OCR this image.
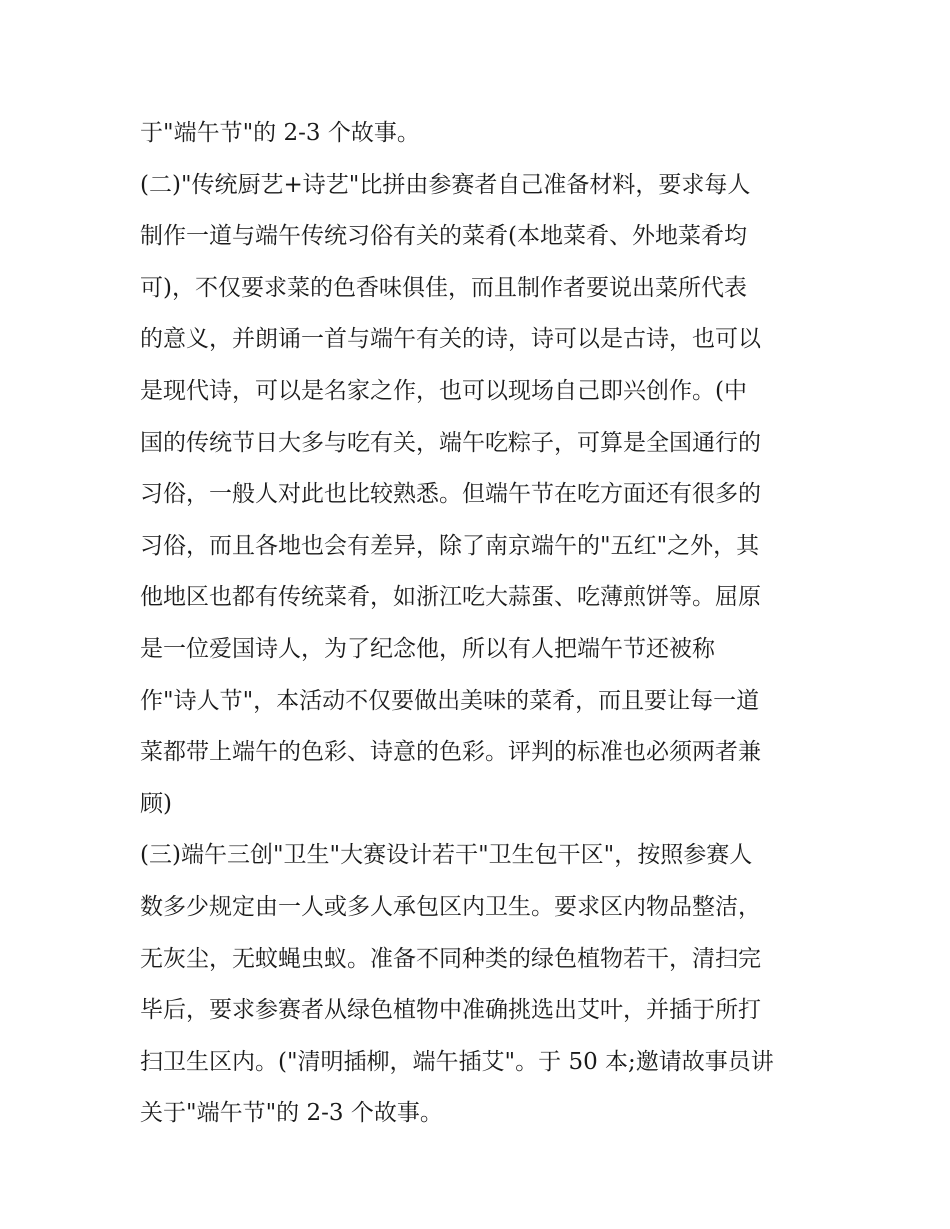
于"端午节"的 2-3 个故事。
(二)"传统厨艺+诗艺"比拼由参赛者自己准备材料，要求每人
制作一道与端午传统习俗有关的菜肴(本地菜肴、外地菜肴均
可)，不仅要求菜的色香味俱佳，而且制作者要说出菜所代表
的意义，并朗诵一首与端午有关的诗，诗可以是古诗，也可以
是现代诗，可以是名家之作，也可以现场自己即兴创作。(中
国的传统节日大多与吃有关，端午吃粽子，可算是全国通行的
习俗，一般人对此也比较熟悉。但端午节在吃方面还有很多的
习俗，而且各地也会有差异，除了南京端午的"五红"之外，其
他地区也都有传统菜肴，如浙江吃大蒜蛋、吃薄煎饼等。屈原
是一位爱国诗人，为了纪念他，所以有人把端午节还被称
作"诗人节"，本活动不仅要做出美味的菜肴，而且要让每一道
菜都带上端午的色彩、诗意的色彩。评判的标准也必须两者兼
顾)
(三)端午三创"卫生"大赛设计若干"卫生包干区"，按照参赛人
数多少规定由一人或多人承包区内卫生。要求区内物品整洁，
无灰尘，无蚊蝇虫蚁。准备不同种类的绿色植物若干，清扫完
毕后，要求参赛者从绿色植物中准确挑选出艾叶，并插于所打
扫卫生区内。("清明插柳，端午插艾"。于 50 本;邀请故事员讲
关于"端午节"的 2-3 个故事。
